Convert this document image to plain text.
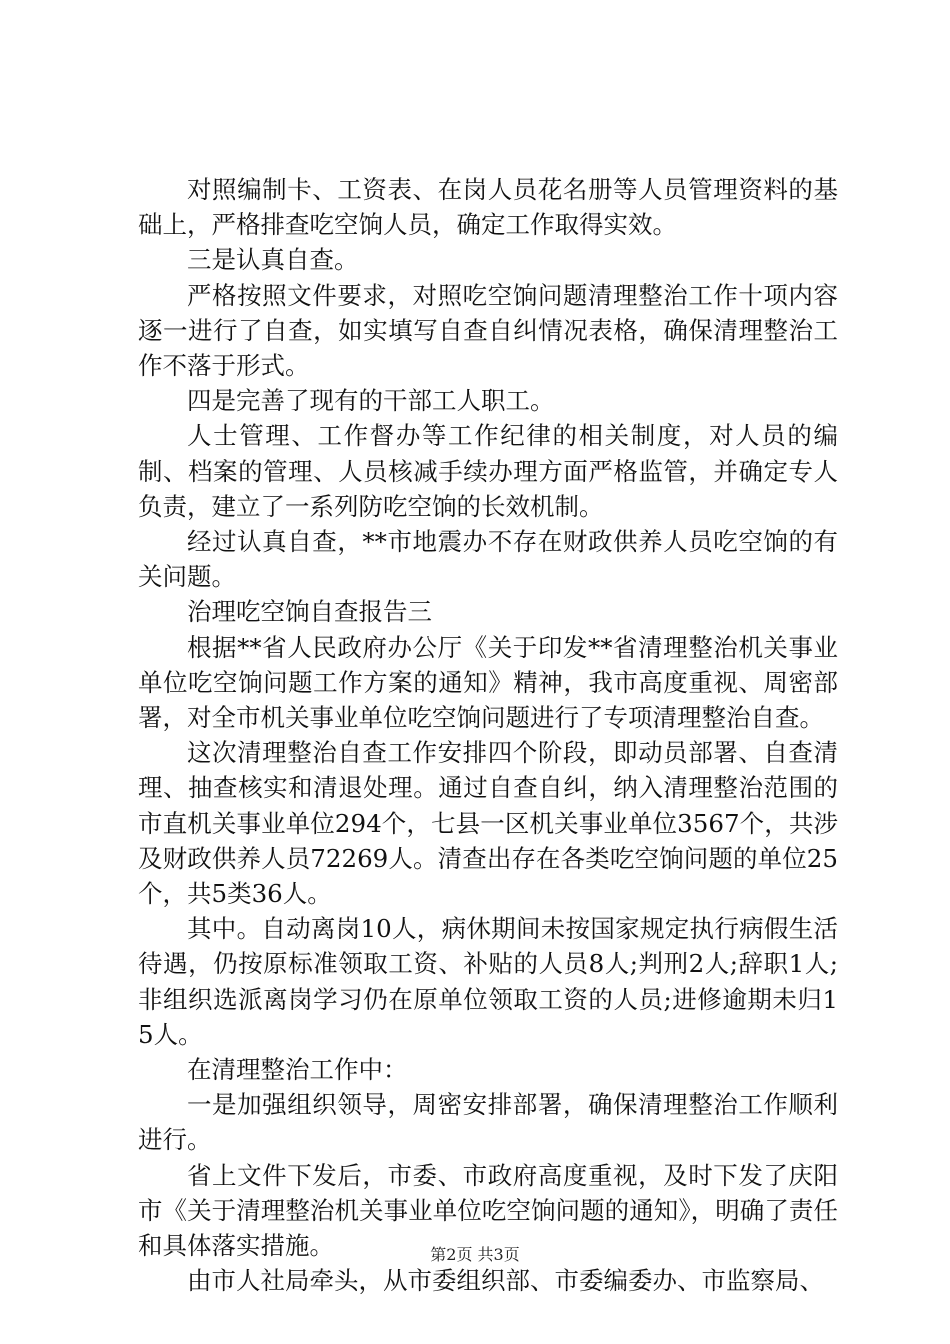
对照编制卡、工资表、在岗人员花名册等人员管理资料的基础上，严格排查吃空饷人员，确定工作取得实效。

三是认真自查。

严格按照文件要求，对照吃空饷问题清理整治工作十项内容逐一进行了自查，如实填写自查自纠情况表格，确保清理整治工作不落于形式。

四是完善了现有的干部工人职工。

人士管理、工作督办等工作纪律的相关制度，对人员的编制、档案的管理、人员核减手续办理方面严格监管，并确定专人负责，建立了一系列防吃空饷的长效机制。

经过认真自查，**市地震办不存在财政供养人员吃空饷的有关问题。

治理吃空饷自查报告三

根据**省人民政府办公厅《关于印发**省清理整治机关事业单位吃空饷问题工作方案的通知》精神，我市高度重视、周密部署，对全市机关事业单位吃空饷问题进行了专项清理整治自查。

这次清理整治自查工作安排四个阶段，即动员部署、自查清理、抽查核实和清退处理。通过自查自纠，纳入清理整治范围的市直机关事业单位294个，七县一区机关事业单位3567个，共涉及财政供养人员72269人。清查出存在各类吃空饷问题的单位25个，共5类36人。

其中。自动离岗10人，病休期间未按国家规定执行病假生活待遇，仍按原标准领取工资、补贴的人员8人;判刑2人;辞职1人;非组织选派离岗学习仍在原单位领取工资的人员;进修逾期未归15人。

在清理整治工作中：

一是加强组织领导，周密安排部署，确保清理整治工作顺利进行。

省上文件下发后，市委、市政府高度重视，及时下发了庆阳市《关于清理整治机关事业单位吃空饷问题的通知》，明确了责任和具体落实措施。

由市人社局牵头，从市委组织部、市委编委办、市监察局、

第2页 共3页
